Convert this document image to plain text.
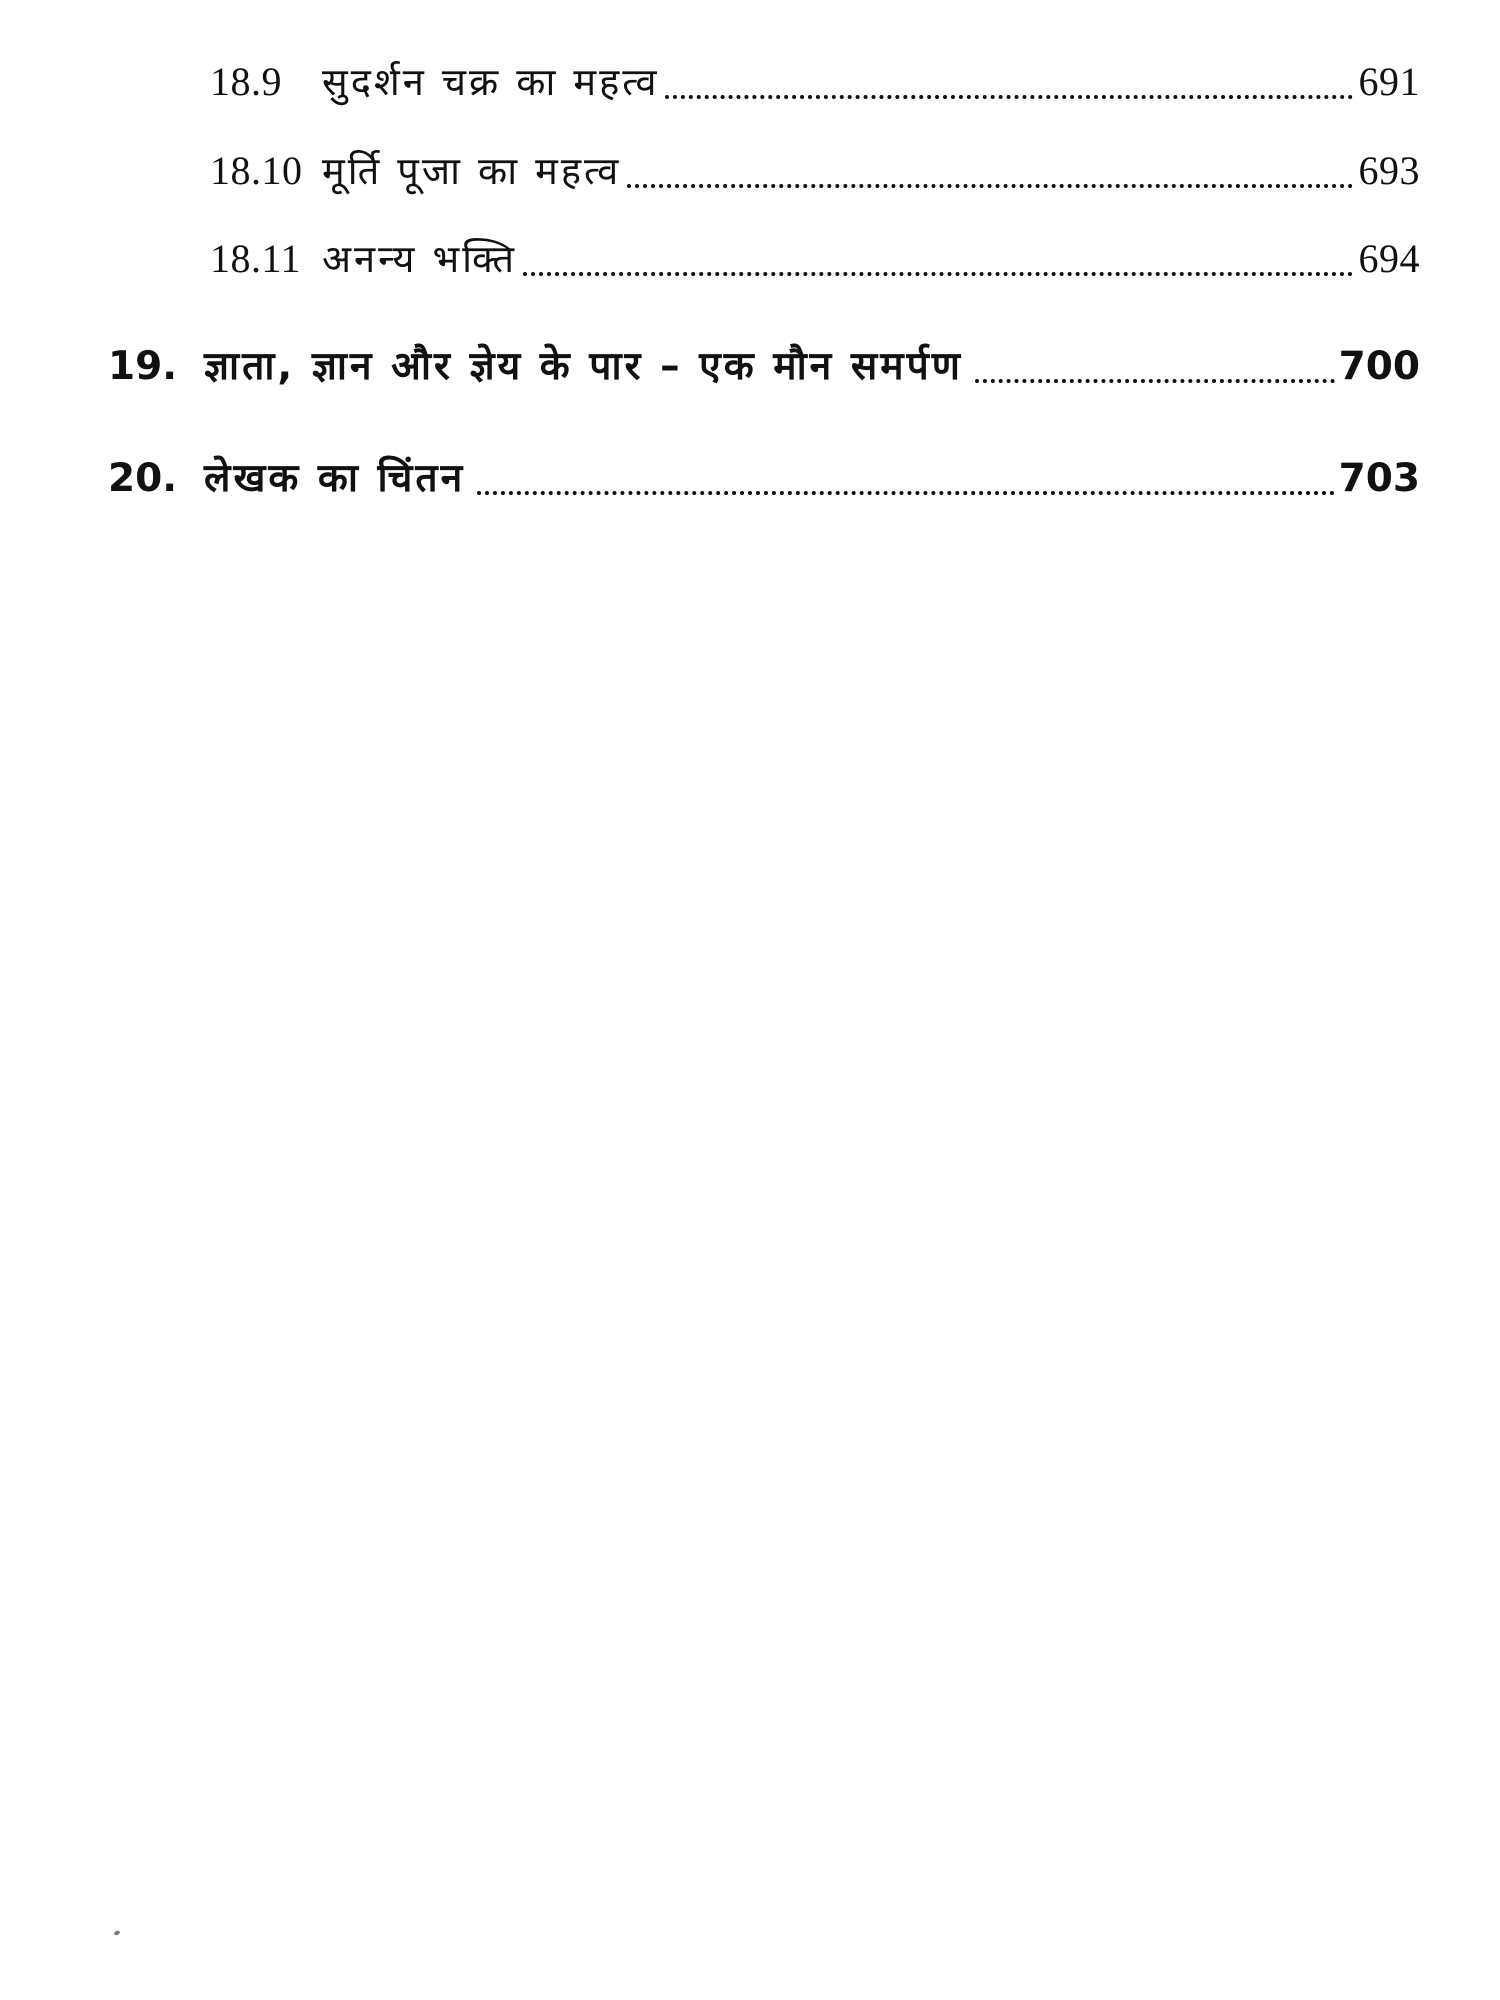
18.9	सुदर्शन चक्र का महत्व	691
18.10 मूर्ति पूजा का महत्व	693
18.11 अनन्य भक्ति	694
19. ज्ञाता, ज्ञान और ज्ञेय के पार – एक मौन समर्पण	700
20. लेखक का चिंतन	703
